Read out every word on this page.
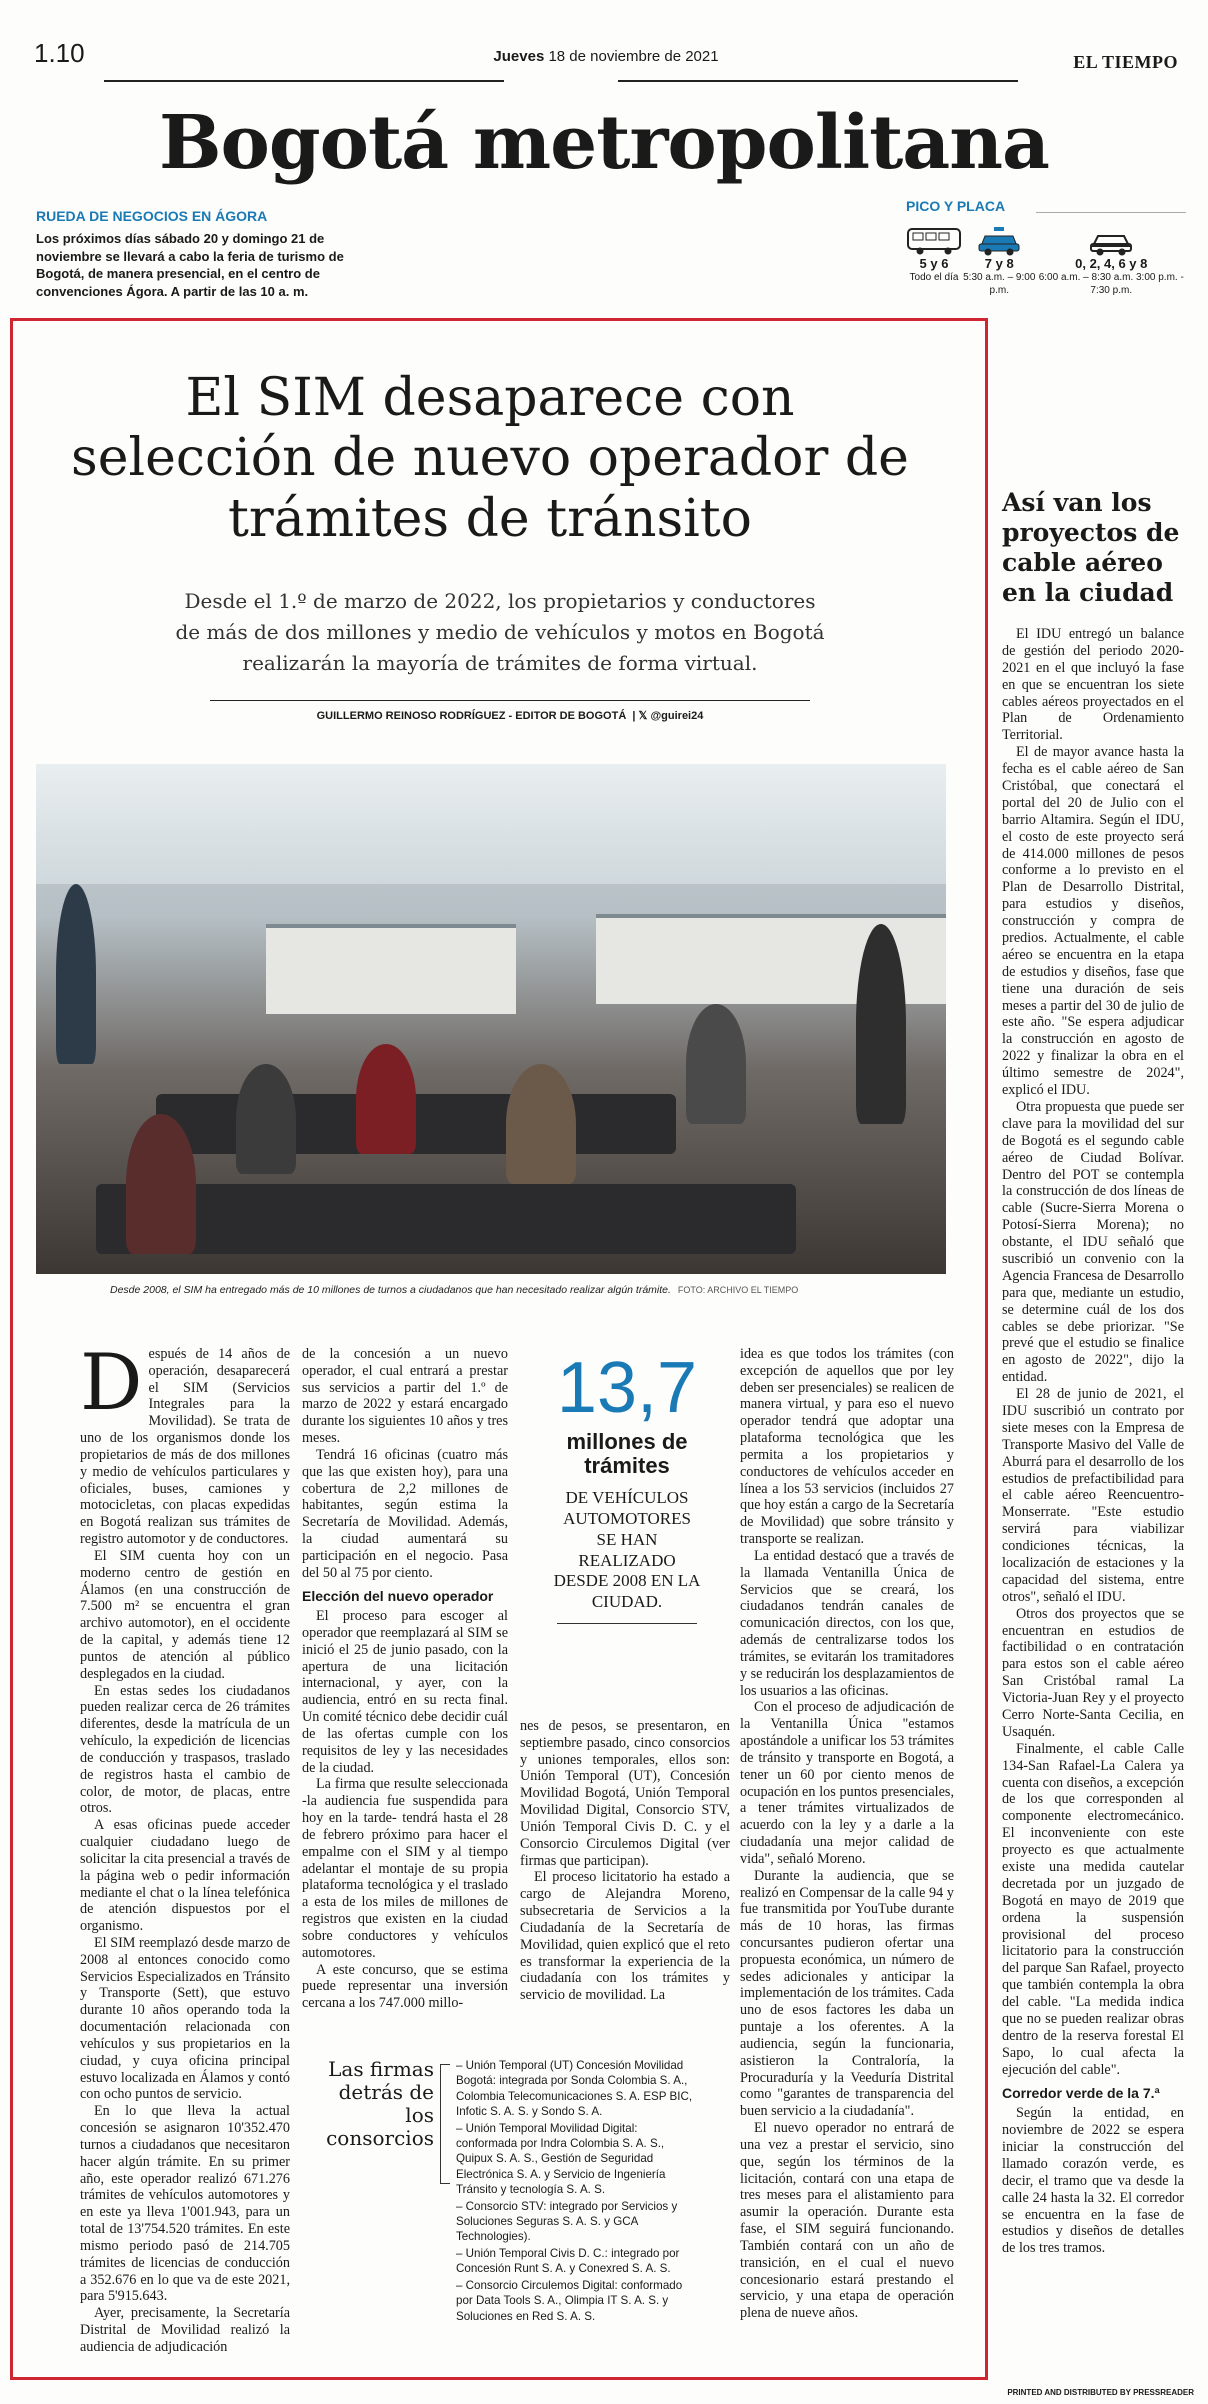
1.10	Jueves 18 de noviembre de 2021	EL TIEMPO
Bogotá metropolitana
RUEDA DE NEGOCIOS EN ÁGORA

Los próximos días sábado 20 y domingo 21 de noviembre se llevará a cabo la feria de turismo de Bogotá, de manera presencial, en el centro de convenciones Ágora. A partir de las 10 a. m.

PICO Y PLACA
5 y 6
Todo el día
7 y 8
5:30 a.m. – 9:00 p.m.
0, 2, 4, 6 y 8
6:00 a.m. – 8:30 a.m. 3:00 p.m. - 7:30 p.m.
El SIM desaparece con selección de nuevo operador de trámites de tránsito

Desde el 1.º de marzo de 2022, los propietarios y conductores de más de dos millones y medio de vehículos y motos en Bogotá realizarán la mayoría de trámites de forma virtual.

GUILLERMO REINOSO RODRÍGUEZ - EDITOR DE BOGOTÁ  | 𝕏 @guirei24
Desde 2008, el SIM ha entregado más de 10 millones de turnos a ciudadanos que han necesitado realizar algún trámite. FOTO: ARCHIVO EL TIEMPO

Después de 14 años de operación, desaparecerá el SIM (Servicios Integrales para la Movilidad). Se trata de uno de los organismos donde los propietarios de más de dos millones y medio de vehículos particulares y oficiales, buses, camiones y motocicletas, con placas expedidas en Bogotá realizan sus trámites de registro automotor y de conductores.

El SIM cuenta hoy con un moderno centro de gestión en Álamos (en una construcción de 7.500 m² se encuentra el gran archivo automotor), en el occidente de la capital, y además tiene 12 puntos de atención al público desplegados en la ciudad.

En estas sedes los ciudadanos pueden realizar cerca de 26 trámites diferentes, desde la matrícula de un vehículo, la expedición de licencias de conducción y traspasos, traslado de registros hasta el cambio de color, de motor, de placas, entre otros.

A esas oficinas puede acceder cualquier ciudadano luego de solicitar la cita presencial a través de la página web o pedir información mediante el chat o la línea telefónica de atención dispuestos por el organismo.

El SIM reemplazó desde marzo de 2008 al entonces conocido como Servicios Especializados en Tránsito y Transporte (Sett), que estuvo durante 10 años operando toda la documentación relacionada con vehículos y sus propietarios en la ciudad, y cuya oficina principal estuvo localizada en Álamos y contó con ocho puntos de servicio.

En lo que lleva la actual concesión se asignaron 10'352.470 turnos a ciudadanos que necesitaron hacer algún trámite. En su primer año, este operador realizó 671.276 trámites de vehículos automotores y en este ya lleva 1'001.943, para un total de 13'754.520 trámites. En este mismo periodo pasó de 214.705 trámites de licencias de conducción a 352.676 en lo que va de este 2021, para 5'915.643.

Ayer, precisamente, la Secretaría Distrital de Movilidad realizó la audiencia de adjudicación

de la concesión a un nuevo operador, el cual entrará a prestar sus servicios a partir del 1.º de marzo de 2022 y estará encargado durante los siguientes 10 años y tres meses.

Tendrá 16 oficinas (cuatro más que las que existen hoy), para una cobertura de 2,2 millones de habitantes, según estima la Secretaría de Movilidad. Además, la ciudad aumentará su participación en el negocio. Pasa del 50 al 75 por ciento.

Elección del nuevo operador

El proceso para escoger al operador que reemplazará al SIM se inició el 25 de junio pasado, con la apertura de una licitación internacional, y ayer, con la audiencia, entró en su recta final. Un comité técnico debe decidir cuál de las ofertas cumple con los requisitos de ley y las necesidades de la ciudad.

La firma que resulte seleccionada -la audiencia fue suspendida para hoy en la tarde- tendrá hasta el 28 de febrero próximo para hacer el empalme con el SIM y al tiempo adelantar el montaje de su propia plataforma tecnológica y el traslado a esta de los miles de millones de registros que existen en la ciudad sobre conductores y vehículos automotores.

A este concurso, que se estima puede representar una inversión cercana a los 747.000 millo-

13,7
millones de trámites
DE VEHÍCULOS AUTOMOTORES SE HAN REALIZADO DESDE 2008 EN LA CIUDAD.

nes de pesos, se presentaron, en septiembre pasado, cinco consorcios y uniones temporales, ellos son: Unión Temporal (UT), Concesión Movilidad Bogotá, Unión Temporal Movilidad Digital, Consorcio STV, Unión Temporal Civis D. C. y el Consorcio Circulemos Digital (ver firmas que participan).

El proceso licitatorio ha estado a cargo de Alejandra Moreno, subsecretaria de Servicios a la Ciudadanía de la Secretaría de Movilidad, quien explicó que el reto es transformar la experiencia de la ciudadanía con los trámites y servicio de movilidad. La

idea es que todos los trámites (con excepción de aquellos que por ley deben ser presenciales) se realicen de manera virtual, y para eso el nuevo operador tendrá que adoptar una plataforma tecnológica que les permita a los propietarios y conductores de vehículos acceder en línea a los 53 servicios (incluidos 27 que hoy están a cargo de la Secretaría de Movilidad) que sobre tránsito y transporte se realizan.

La entidad destacó que a través de la llamada Ventanilla Única de Servicios que se creará, los ciudadanos tendrán canales de comunicación directos, con los que, además de centralizarse todos los trámites, se evitarán los tramitadores y se reducirán los desplazamientos de los usuarios a las oficinas.

Con el proceso de adjudicación de la Ventanilla Única "estamos apostándole a unificar los 53 trámites de tránsito y transporte en Bogotá, a tener un 60 por ciento menos de ocupación en los puntos presenciales, a tener trámites virtualizados de acuerdo con la ley y a darle a la ciudadanía una mejor calidad de vida", señaló Moreno.

Durante la audiencia, que se realizó en Compensar de la calle 94 y fue transmitida por YouTube durante más de 10 horas, las firmas concursantes pudieron ofertar una propuesta económica, un número de sedes adicionales y anticipar la implementación de los trámites. Cada uno de esos factores les daba un puntaje a los oferentes. A la audiencia, según la funcionaria, asistieron la Contraloría, la Procuraduría y la Veeduría Distrital como "garantes de transparencia del buen servicio a la ciudadanía".

El nuevo operador no entrará de una vez a prestar el servicio, sino que, según los términos de la licitación, contará con una etapa de tres meses para el alistamiento para asumir la operación. Durante esta fase, el SIM seguirá funcionando. También contará con un año de transición, en el cual el nuevo concesionario estará prestando el servicio, y una etapa de operación plena de nueve años.

Las firmas detrás de los consorcios
– Unión Temporal (UT) Concesión Movilidad Bogotá: integrada por Sonda Colombia S. A., Colombia Telecomunicaciones S. A. ESP BIC, Infotic S. A. S. y Sondo S. A.
– Unión Temporal Movilidad Digital: conformada por Indra Colombia S. A. S., Quipux S. A. S., Gestión de Seguridad Electrónica S. A. y Servicio de Ingeniería Tránsito y tecnología S. A. S.
– Consorcio STV: integrado por Servicios y Soluciones Seguras S. A. S. y GCA Technologies).
– Unión Temporal Civis D. C.: integrado por Concesión Runt S. A. y Conexred S. A. S.
– Consorcio Circulemos Digital: conformado por Data Tools S. A., Olimpia IT S. A. S. y Soluciones en Red S. A. S.
Así van los proyectos de cable aéreo en la ciudad

El IDU entregó un balance de gestión del periodo 2020-2021 en el que incluyó la fase en que se encuentran los siete cables aéreos proyectados en el Plan de Ordenamiento Territorial.

El de mayor avance hasta la fecha es el cable aéreo de San Cristóbal, que conectará el portal del 20 de Julio con el barrio Altamira. Según el IDU, el costo de este proyecto será de 414.000 millones de pesos conforme a lo previsto en el Plan de Desarrollo Distrital, para estudios y diseños, construcción y compra de predios. Actualmente, el cable aéreo se encuentra en la etapa de estudios y diseños, fase que tiene una duración de seis meses a partir del 30 de julio de este año. "Se espera adjudicar la construcción en agosto de 2022 y finalizar la obra en el último semestre de 2024", explicó el IDU.

Otra propuesta que puede ser clave para la movilidad del sur de Bogotá es el segundo cable aéreo de Ciudad Bolívar. Dentro del POT se contempla la construcción de dos líneas de cable (Sucre-Sierra Morena o Potosí-Sierra Morena); no obstante, el IDU señaló que suscribió un convenio con la Agencia Francesa de Desarrollo para que, mediante un estudio, se determine cuál de los dos cables se debe priorizar. "Se prevé que el estudio se finalice en agosto de 2022", dijo la entidad.

El 28 de junio de 2021, el IDU suscribió un contrato por siete meses con la Empresa de Transporte Masivo del Valle de Aburrá para el desarrollo de los estudios de prefactibilidad para el cable aéreo Reencuentro-Monserrate. "Este estudio servirá para viabilizar condiciones técnicas, la localización de estaciones y la capacidad del sistema, entre otros", señaló el IDU.

Otros dos proyectos que se encuentran en estudios de factibilidad o en contratación para estos son el cable aéreo San Cristóbal ramal La Victoria-Juan Rey y el proyecto Cerro Norte-Santa Cecilia, en Usaquén.

Finalmente, el cable Calle 134-San Rafael-La Calera ya cuenta con diseños, a excepción de los que corresponden al componente electromecánico. El inconveniente con este proyecto es que actualmente existe una medida cautelar decretada por un juzgado de Bogotá en mayo de 2019 que ordena la suspensión provisional del proceso licitatorio para la construcción del parque San Rafael, proyecto que también contempla la obra del cable. "La medida indica que no se pueden realizar obras dentro de la reserva forestal El Sapo, lo cual afecta la ejecución del cable".

Corredor verde de la 7.ª

Según la entidad, en noviembre de 2022 se espera iniciar la construcción del llamado corazón verde, es decir, el tramo que va desde la calle 24 hasta la 32. El corredor se encuentra en la fase de estudios y diseños de detalles de los tres tramos.

PRINTED AND DISTRIBUTED BY PRESSREADER
